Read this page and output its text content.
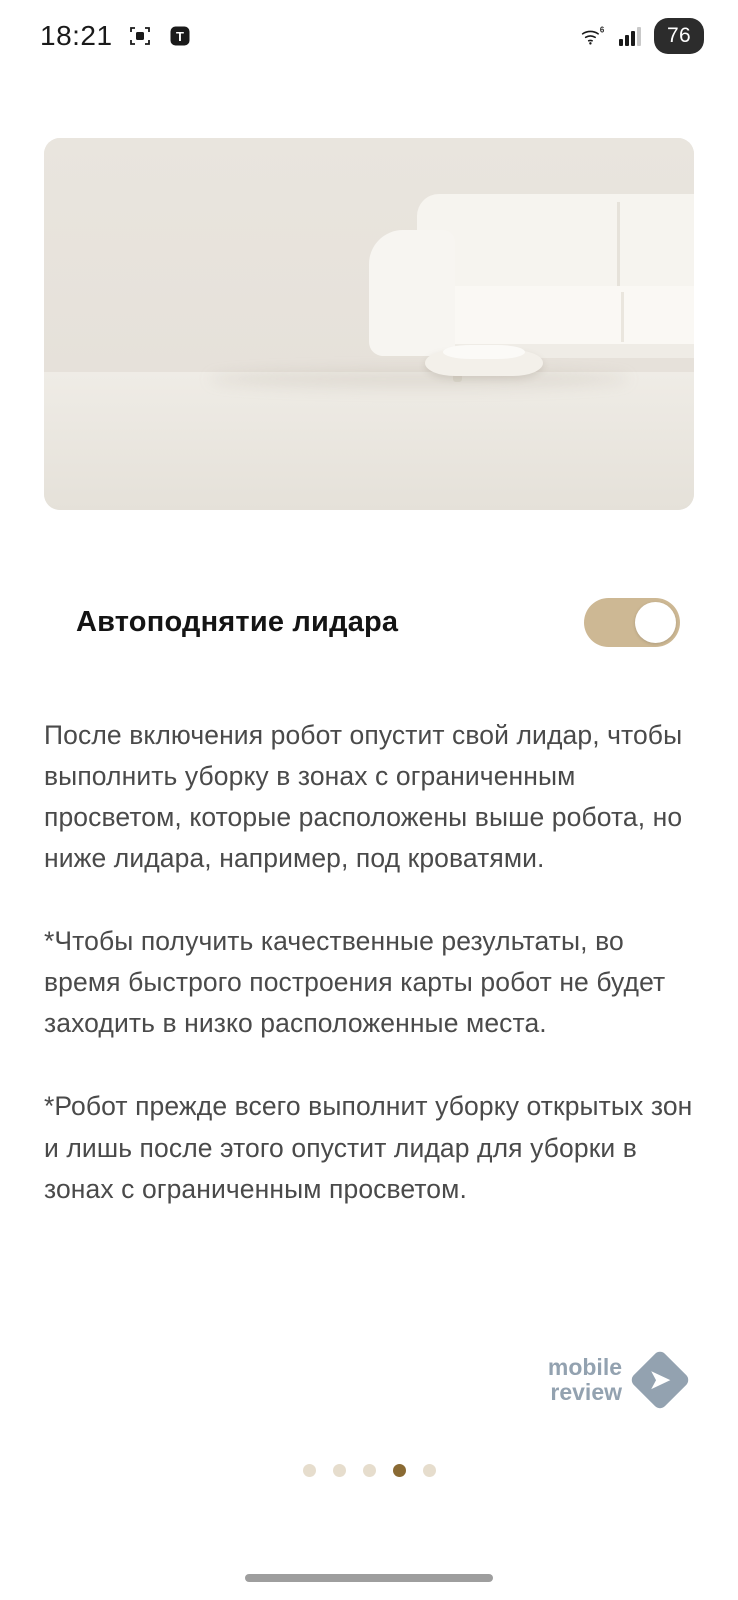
18:21	T	6	76
Автоподнятие лидара

После включения робот опустит свой лидар, чтобы выполнить уборку в зонах с ограниченным просветом, которые расположены выше робота, но ниже лидара, например, под кроватями.

*Чтобы получить качественные результаты, во время быстрого построения карты робот не будет заходить в низко расположенные места.

*Робот прежде всего выполнит уборку открытых зон и лишь после этого опустит лидар для уборки в зонах с ограниченным просветом.

mobile
review	➤
